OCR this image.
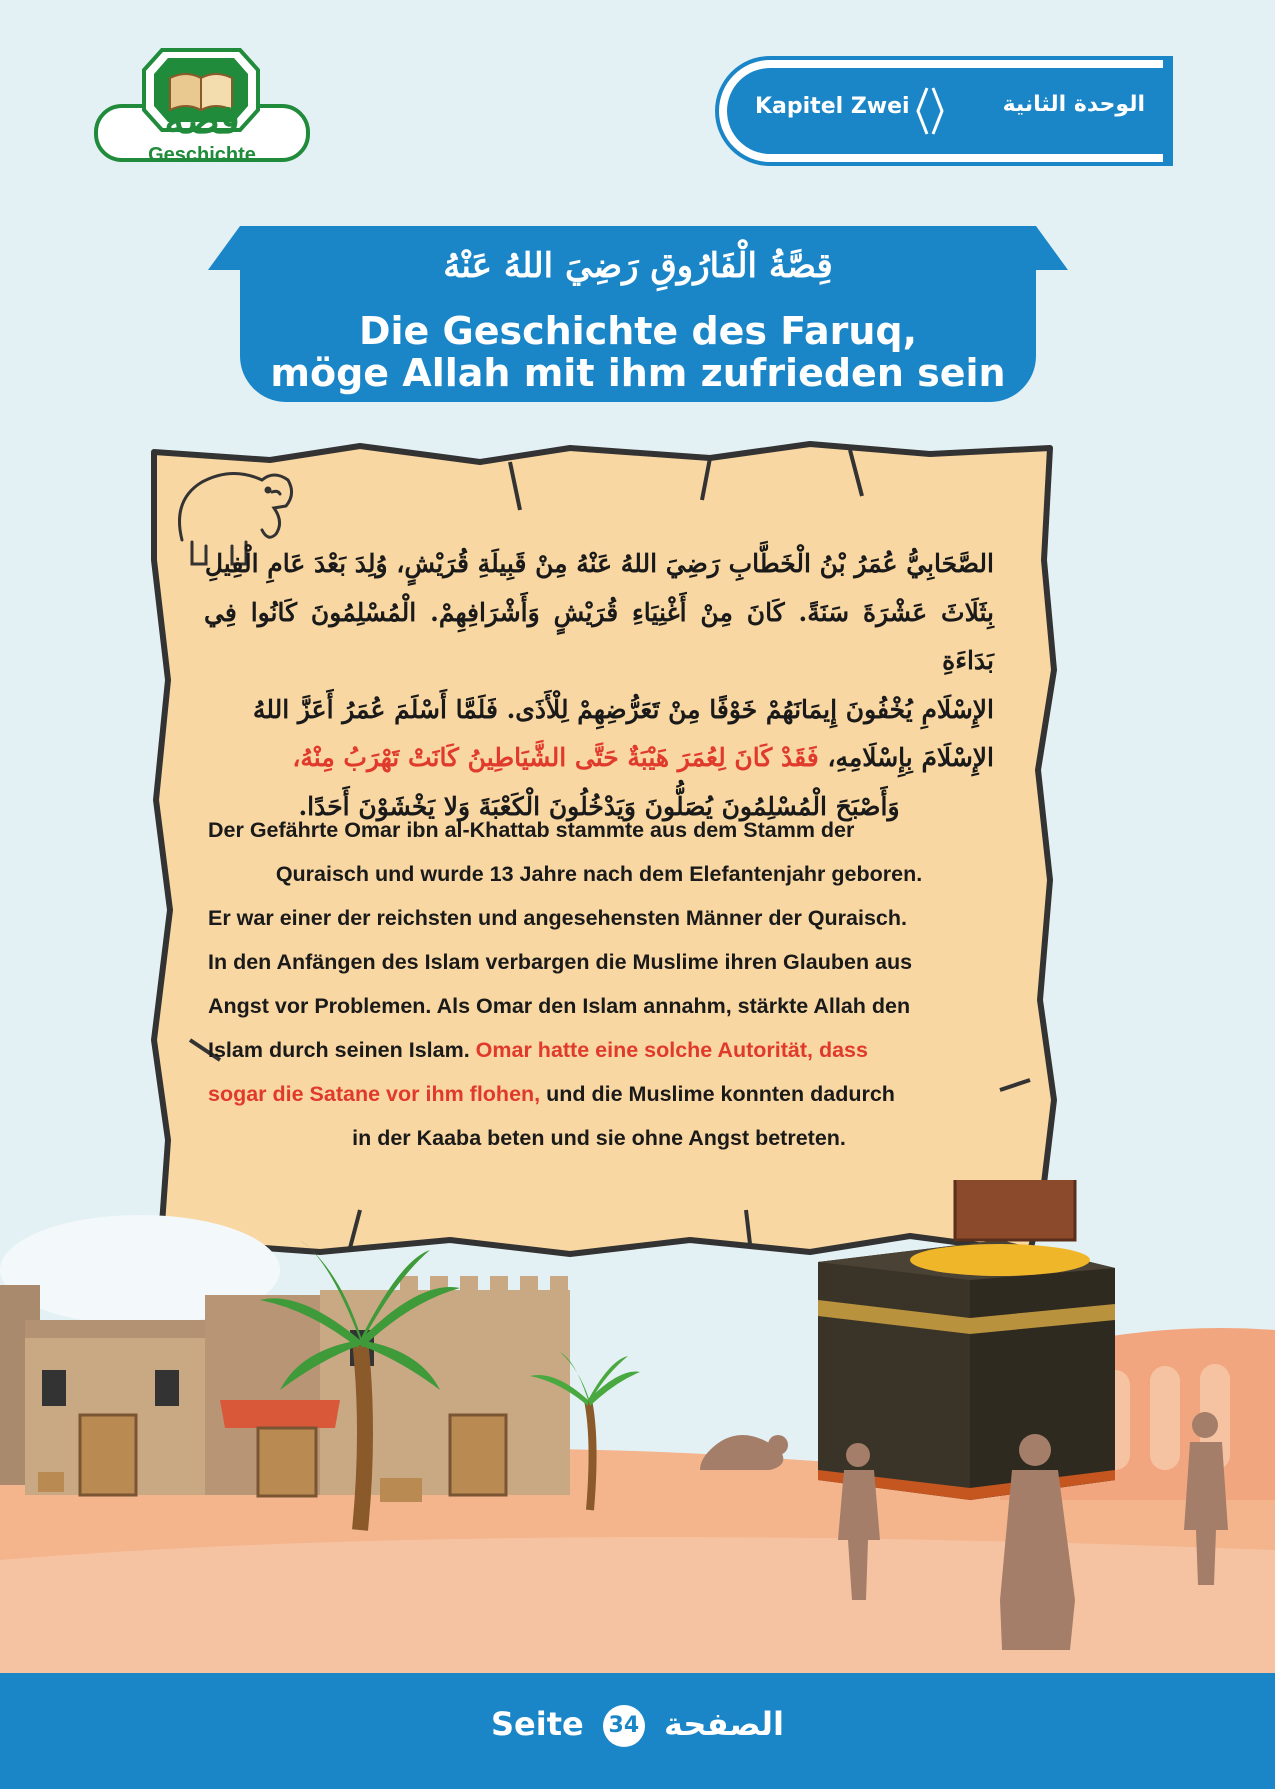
قصة
Geschichte
Kapitel Zwei	الوحدة الثانية
قِصَّةُ الْفَارُوقِ رَضِيَ اللهُ عَنْهُ
Die Geschichte des Faruq,
möge Allah mit ihm zufrieden sein
الصَّحَابِيُّ عُمَرُ بْنُ الْخَطَّابِ رَضِيَ اللهُ عَنْهُ مِنْ قَبِيلَةِ قُرَيْشٍ، وُلِدَ بَعْدَ عَامِ الْفِيلِ
بِثَلَاثَ عَشْرَةَ سَنَةً. كَانَ مِنْ أَغْنِيَاءِ قُرَيْشٍ وَأَشْرَافِهِمْ. الْمُسْلِمُونَ كَانُوا فِي بَدَاءَةِ
الإِسْلَامِ يُخْفُونَ إِيمَانَهُمْ خَوْفًا مِنْ تَعَرُّضِهِمْ لِلْأَذَى. فَلَمَّا أَسْلَمَ عُمَرُ أَعَزَّ اللهُ
الإِسْلَامَ بِإِسْلَامِهِ، فَقَدْ كَانَ لِعُمَرَ هَيْبَةٌ حَتَّى الشَّيَاطِينُ كَانَتْ تَهْرَبُ مِنْهُ،
وَأَصْبَحَ الْمُسْلِمُونَ يُصَلُّونَ وَيَدْخُلُونَ الْكَعْبَةَ وَلا يَخْشَوْنَ أَحَدًا.
Der Gefährte Omar ibn al-Khattab stammte aus dem Stamm der
Quraisch und wurde 13 Jahre nach dem Elefantenjahr geboren.
Er war einer der reichsten und angesehensten Männer der Quraisch.
In den Anfängen des Islam verbargen die Muslime ihren Glauben aus
Angst vor Problemen. Als Omar den Islam annahm, stärkte Allah den
Islam durch seinen Islam. Omar hatte eine solche Autorität, dass
sogar die Satane vor ihm flohen, und die Muslime konnten dadurch
in der Kaaba beten und sie ohne Angst betreten.
Seite 34 الصفحة
